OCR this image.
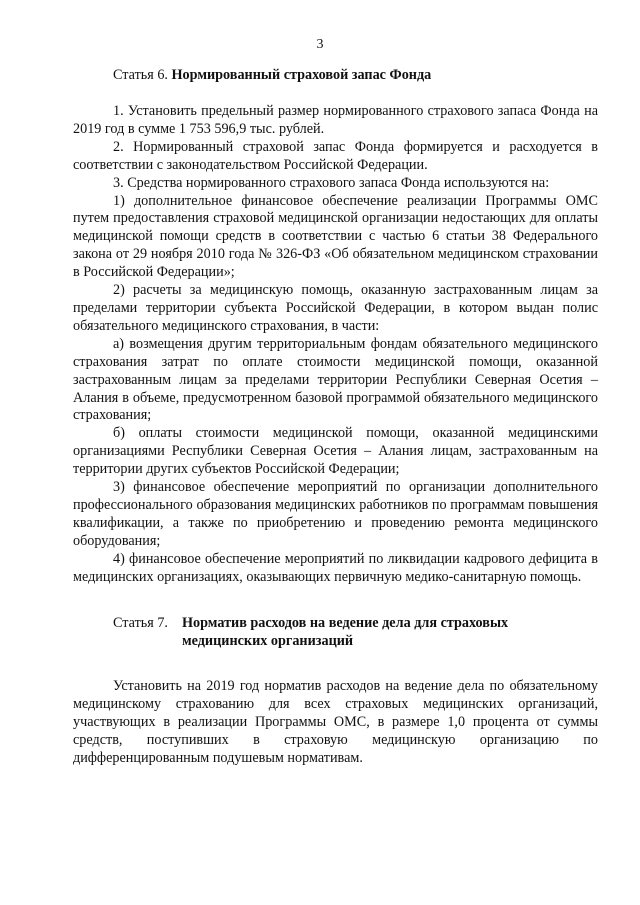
3
Статья 6. Нормированный страховой запас Фонда

1. Установить предельный размер нормированного страхового запаса Фонда на 2019 год в сумме 1 753 596,9 тыс. рублей.

2. Нормированный страховой запас Фонда формируется и расходуется в соответствии с законодательством Российской Федерации.

3. Средства нормированного страхового запаса Фонда используются на:

1) дополнительное финансовое обеспечение реализации Программы ОМС путем предоставления страховой медицинской организации недостающих для оплаты медицинской помощи средств в соответствии с частью 6 статьи 38 Федерального закона от 29 ноября 2010 года № 326-ФЗ «Об обязательном медицинском страховании в Российской Федерации»;

2) расчеты за медицинскую помощь, оказанную застрахованным лицам за пределами территории субъекта Российской Федерации, в котором выдан полис обязательного медицинского страхования, в части:

а) возмещения другим территориальным фондам обязательного медицинского страхования затрат по оплате стоимости медицинской помощи, оказанной застрахованным лицам за пределами территории Республики Северная Осетия – Алания в объеме, предусмотренном базовой программой обязательного медицинского страхования;

б) оплаты стоимости медицинской помощи, оказанной медицинскими организациями Республики Северная Осетия – Алания лицам, застрахованным на территории других субъектов Российской Федерации;

3) финансовое обеспечение мероприятий по организации дополнительного профессионального образования медицинских работников по программам повышения квалификации, а также по приобретению и проведению ремонта медицинского оборудования;

4) финансовое обеспечение мероприятий по ликвидации кадрового дефицита в медицинских организациях, оказывающих первичную медико-санитарную помощь.

Статья 7. Норматив расходов на ведение дела для страховых
медицинских организаций

Установить на 2019 год норматив расходов на ведение дела по обязательному медицинскому страхованию для всех страховых медицинских организаций, участвующих в реализации Программы ОМС, в размере 1,0 процента от суммы средств, поступивших в страховую медицинскую организацию по дифференцированным подушевым нормативам.
